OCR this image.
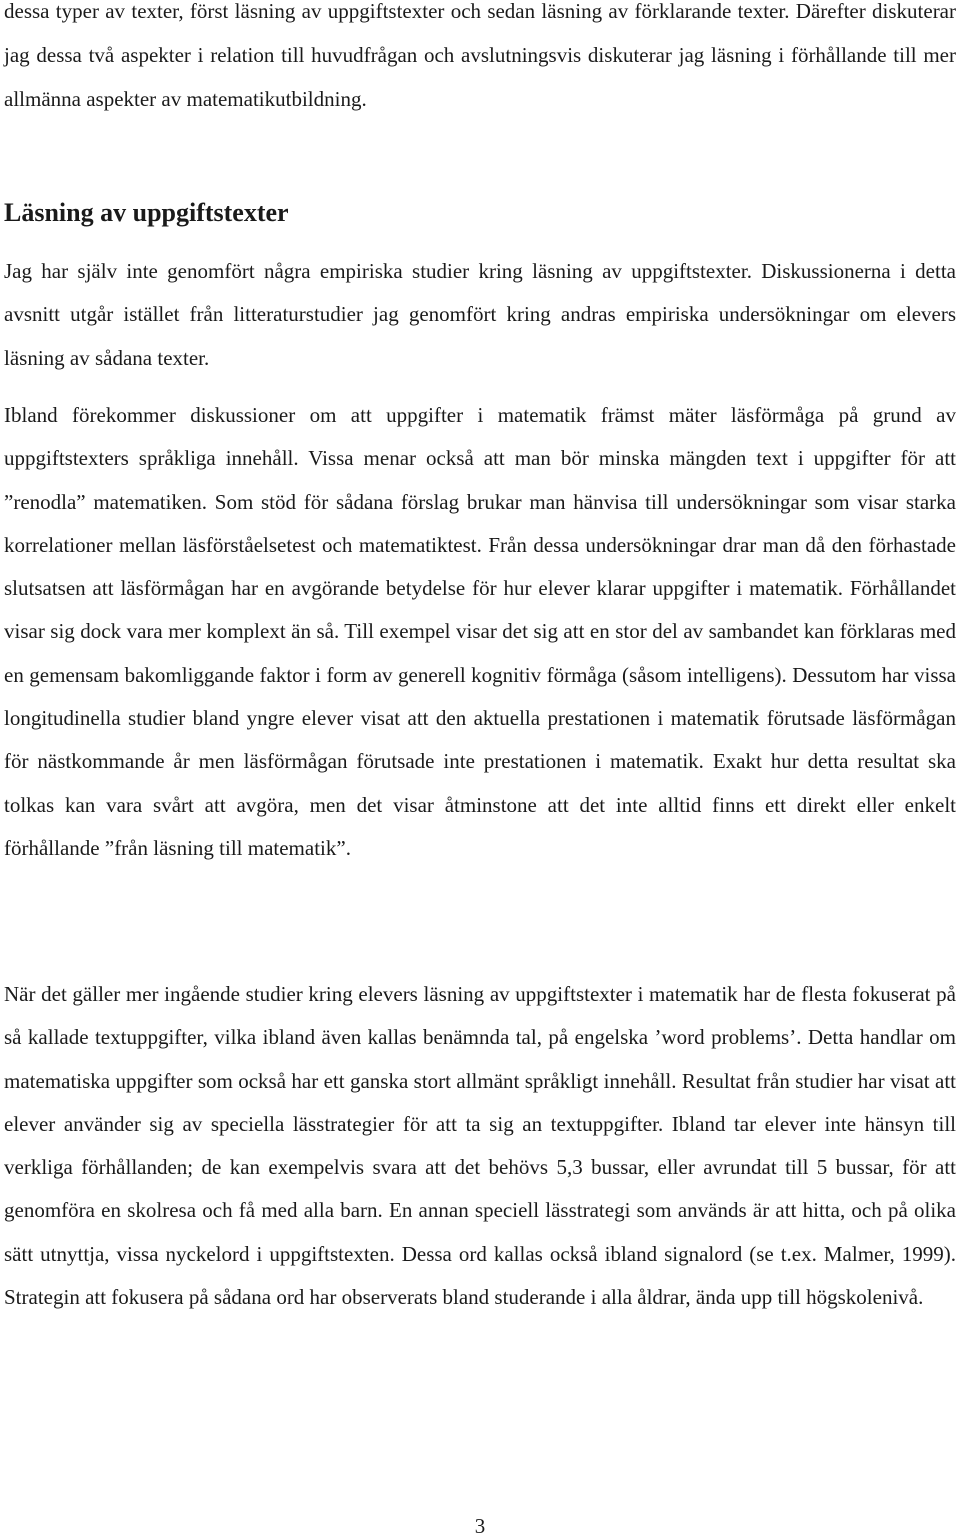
dessa typer av texter, först läsning av uppgiftstexter och sedan läsning av förklarande texter. Därefter diskuterar jag dessa två aspekter i relation till huvudfrågan och avslutningsvis diskuterar jag läsning i förhållande till mer allmänna aspekter av matematikutbildning.

Läsning av uppgiftstexter

Jag har själv inte genomfört några empiriska studier kring läsning av uppgiftstexter. Diskussionerna i detta avsnitt utgår istället från litteraturstudier jag genomfört kring andras empiriska undersökningar om elevers läsning av sådana texter.

Ibland förekommer diskussioner om att uppgifter i matematik främst mäter läsförmåga på grund av uppgiftstexters språkliga innehåll. Vissa menar också att man bör minska mängden text i uppgifter för att ”renodla” matematiken. Som stöd för sådana förslag brukar man hänvisa till undersökningar som visar starka korrelationer mellan läsförståelsetest och matematiktest. Från dessa undersökningar drar man då den förhastade slutsatsen att läsförmågan har en avgörande betydelse för hur elever klarar uppgifter i matematik. Förhållandet visar sig dock vara mer komplext än så. Till exempel visar det sig att en stor del av sambandet kan förklaras med en gemensam bakomliggande faktor i form av generell kognitiv förmåga (såsom intelligens). Dessutom har vissa longitudinella studier bland yngre elever visat att den aktuella prestationen i matematik förutsade läsförmågan för nästkommande år men läsförmågan förutsade inte prestationen i matematik. Exakt hur detta resultat ska tolkas kan vara svårt att avgöra, men det visar åtminstone att det inte alltid finns ett direkt eller enkelt förhållande ”från läsning till matematik”.

När det gäller mer ingående studier kring elevers läsning av uppgiftstexter i matematik har de flesta fokuserat på så kallade textuppgifter, vilka ibland även kallas benämnda tal, på engelska ’word problems’. Detta handlar om matematiska uppgifter som också har ett ganska stort allmänt språkligt innehåll. Resultat från studier har visat att elever använder sig av speciella lässtrategier för att ta sig an textuppgifter. Ibland tar elever inte hänsyn till verkliga förhållanden; de kan exempelvis svara att det behövs 5,3 bussar, eller avrundat till 5 bussar, för att genomföra en skolresa och få med alla barn. En annan speciell lässtrategi som används är att hitta, och på olika sätt utnyttja, vissa nyckelord i uppgiftstexten. Dessa ord kallas också ibland signalord (se t.ex. Malmer, 1999). Strategin att fokusera på sådana ord har observerats bland studerande i alla åldrar, ända upp till högskolenivå.

3
